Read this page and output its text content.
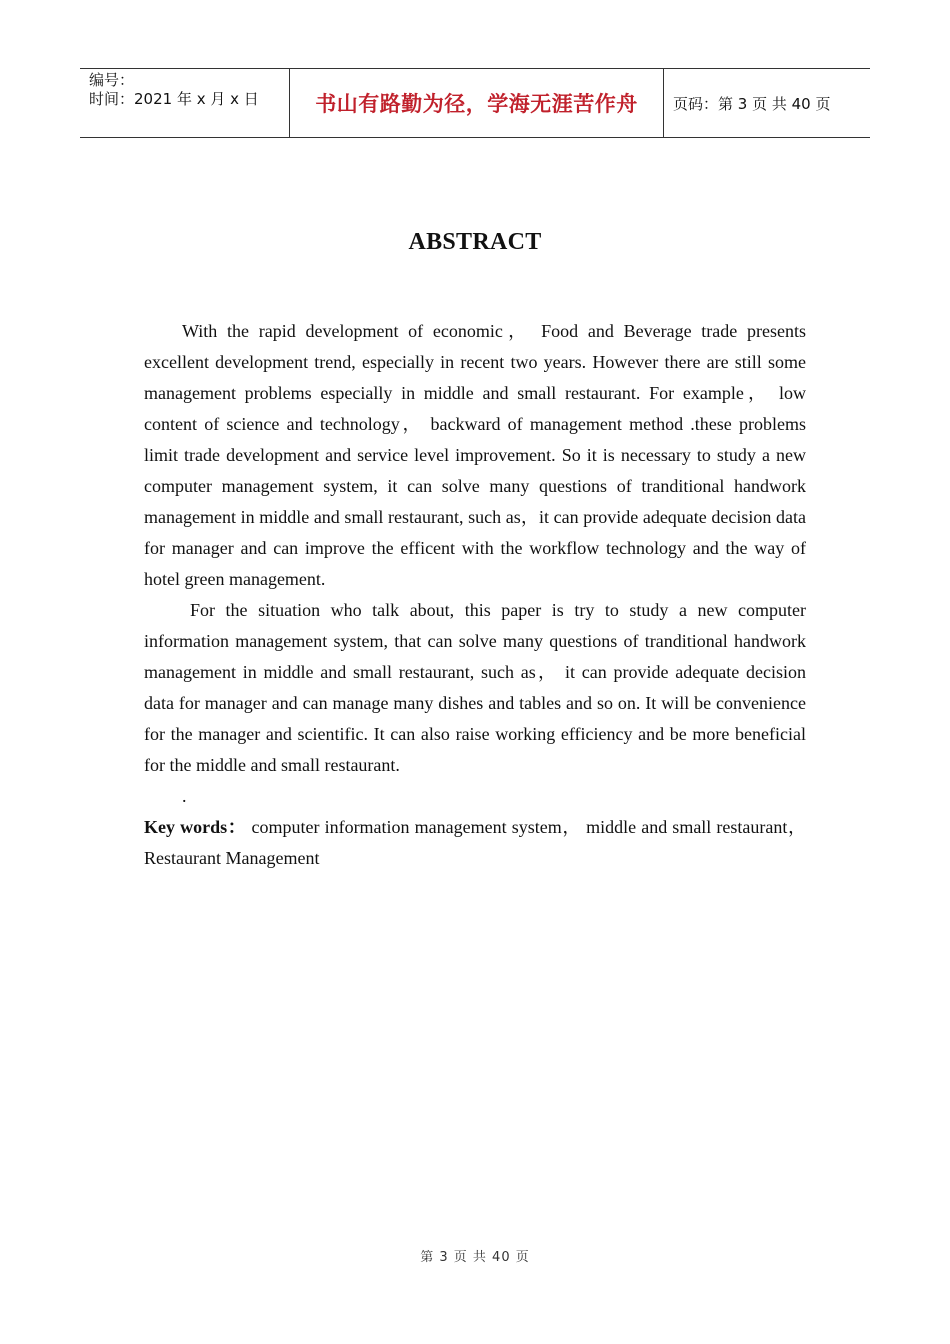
编号：
时间：2021 年 x 月 x 日	书山有路勤为径，学海无涯苦作舟	页码：第 3 页 共 40 页
ABSTRACT

With the rapid development of economic， Food and Beverage trade presents excellent development trend, especially in recent two years. However there are still some management problems especially in middle and small restaurant. For example， low content of science and technology， backward of management method .these problems limit trade development and service level improvement. So it is necessary to study a new computer management system, it can solve many questions of tranditional handwork management in middle and small restaurant, such as，it can provide adequate decision data for manager and can improve the efficent with the workflow technology and the way of hotel green management.

For the situation who talk about, this paper is try to study a new computer information management system, that can solve many questions of tranditional handwork management in middle and small restaurant, such as， it can provide adequate decision data for manager and can manage many dishes and tables and so on. It will be convenience for the manager and scientific. It can also raise working efficiency and be more beneficial for the middle and small restaurant.

.

Key words： computer information management system， middle and small restaurant， Restaurant Management

第 3 页 共 40 页
